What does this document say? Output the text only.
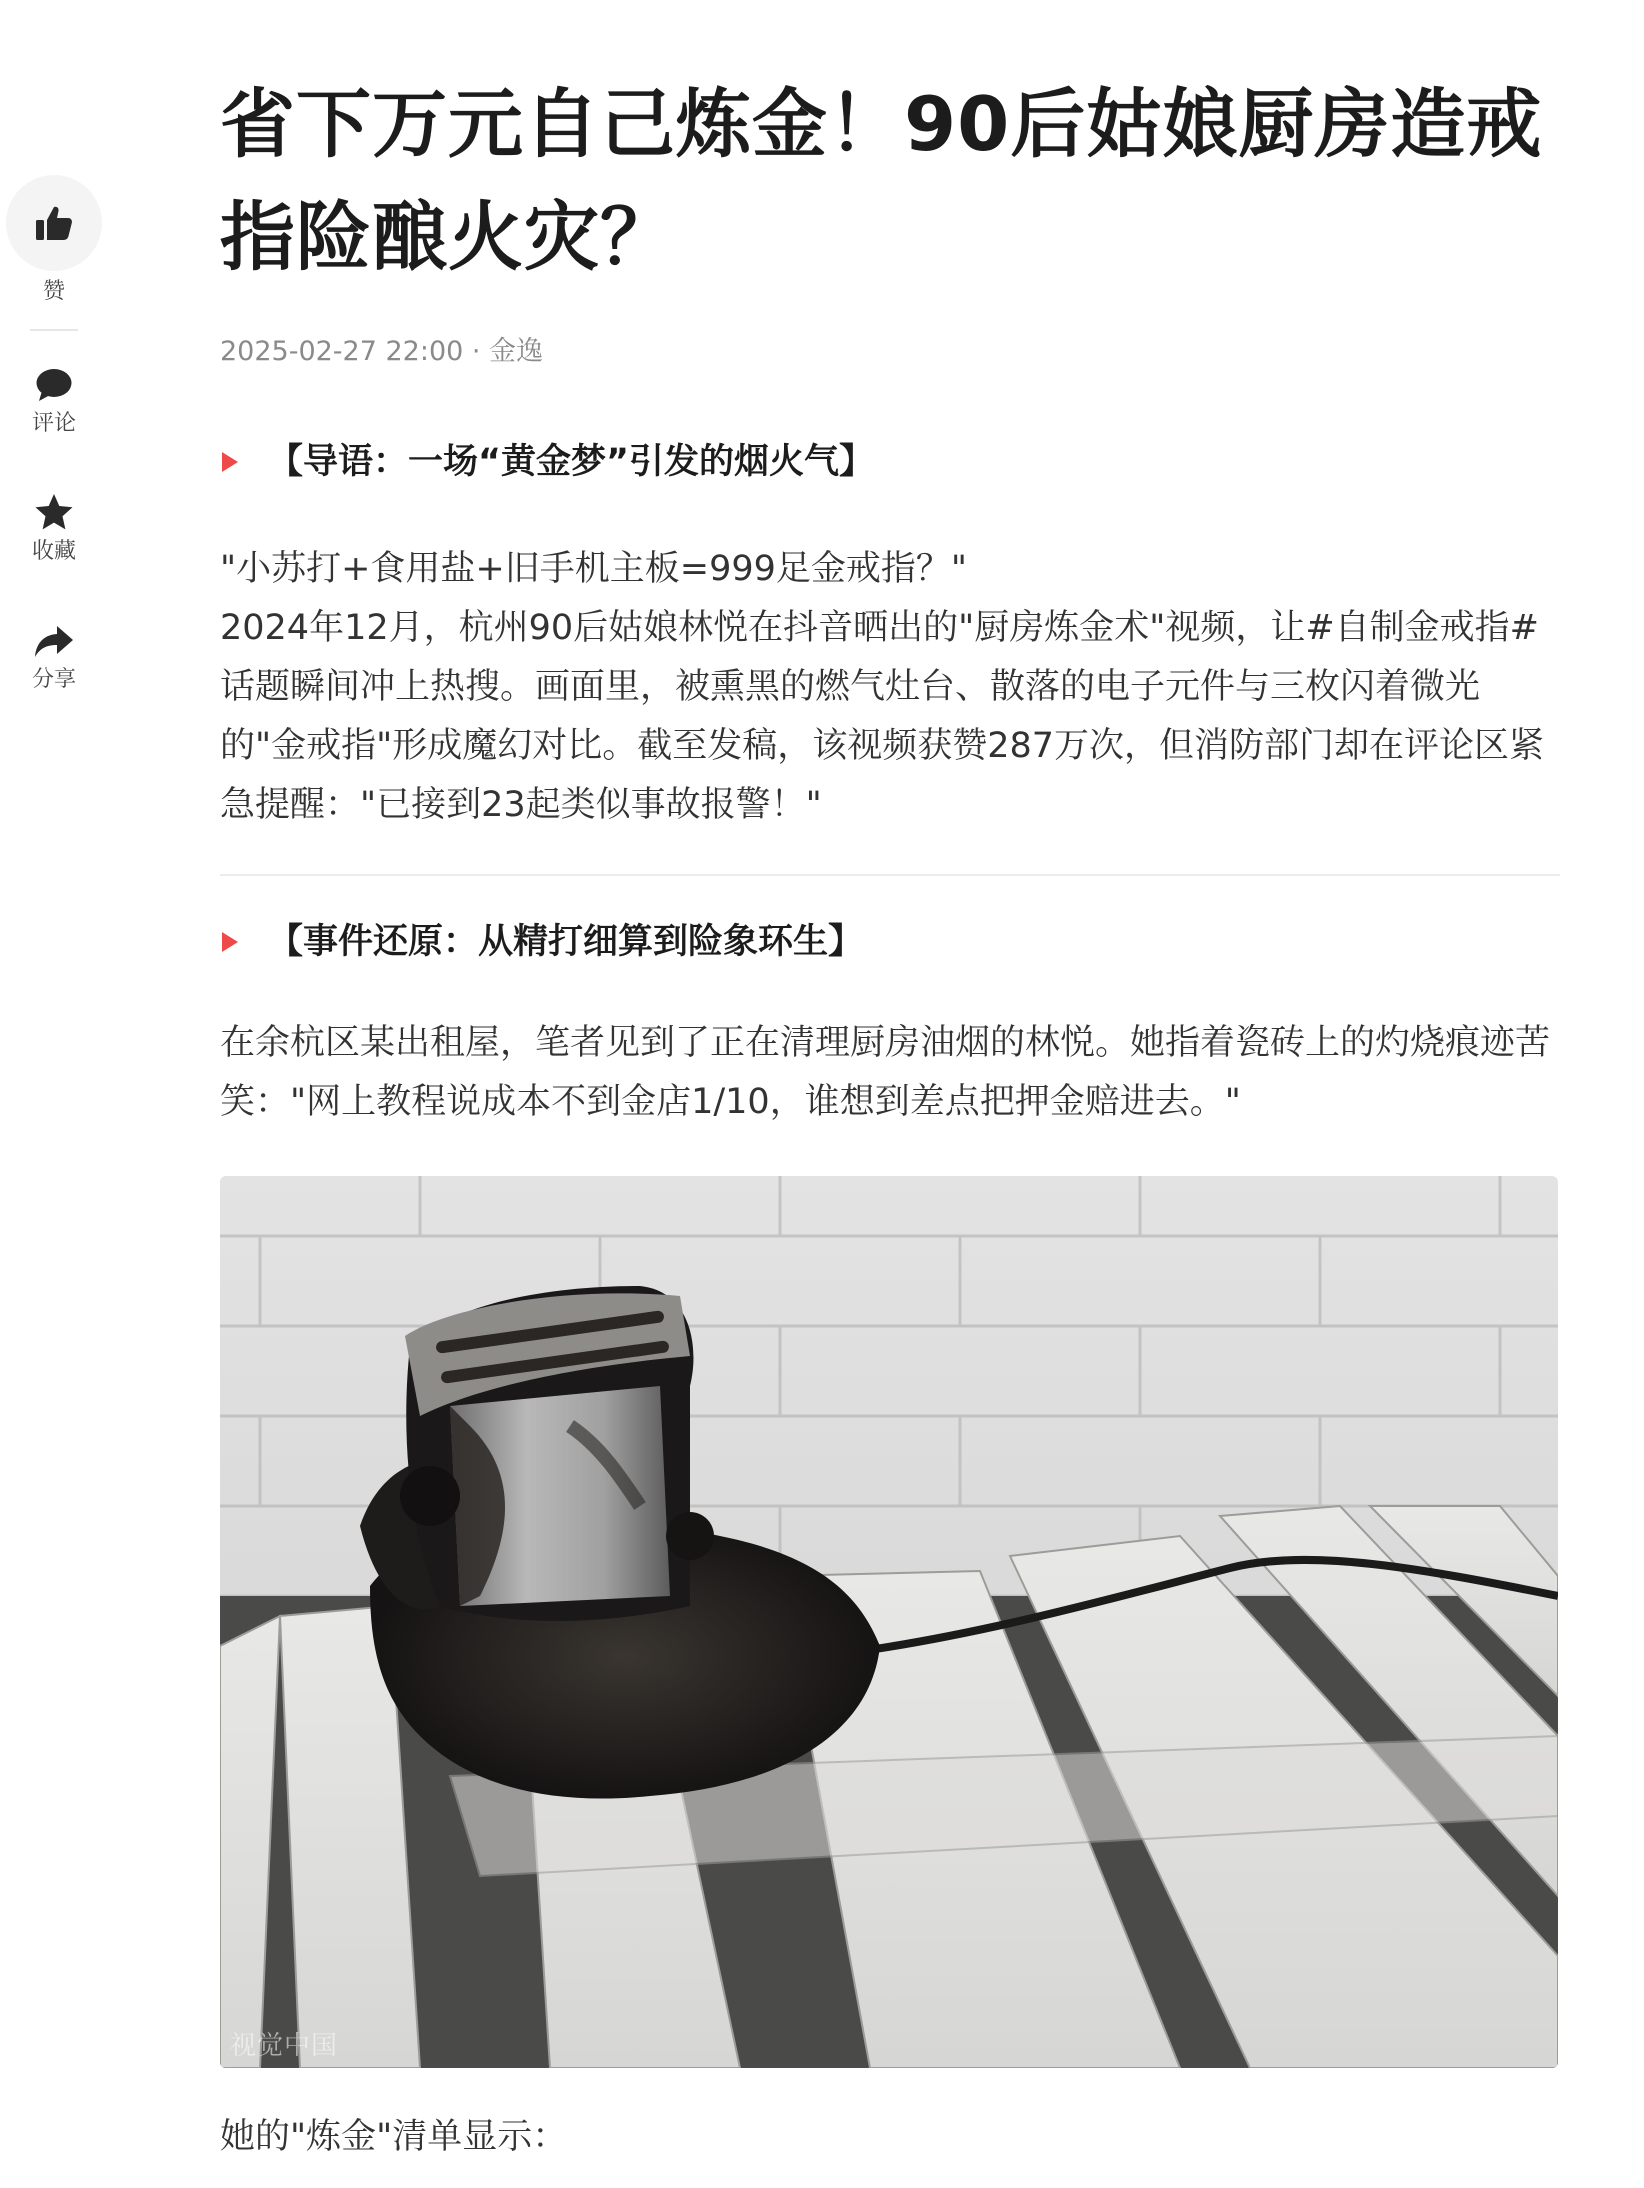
赞
评论
收藏
分享
省下万元自己炼金！90后姑娘厨房造戒指险酿火灾？
2025-02-27 22:00 · 金逸
【导语：一场“黄金梦”引发的烟火气】

"小苏打+食用盐+旧手机主板=999足金戒指？"

2024年12月，杭州90后姑娘林悦在抖音晒出的"厨房炼金术"视频，让#自制金戒指#话题瞬间冲上热搜。画面里，被熏黑的燃气灶台、散落的电子元件与三枚闪着微光的"金戒指"形成魔幻对比。截至发稿，该视频获赞287万次，但消防部门却在评论区紧急提醒："已接到23起类似事故报警！"

【事件还原：从精打细算到险象环生】

在余杭区某出租屋，笔者见到了正在清理厨房油烟的林悦。她指着瓷砖上的灼烧痕迹苦笑："网上教程说成本不到金店1/10，谁想到差点把押金赔进去。"

视觉中国

她的"炼金"清单显示：
